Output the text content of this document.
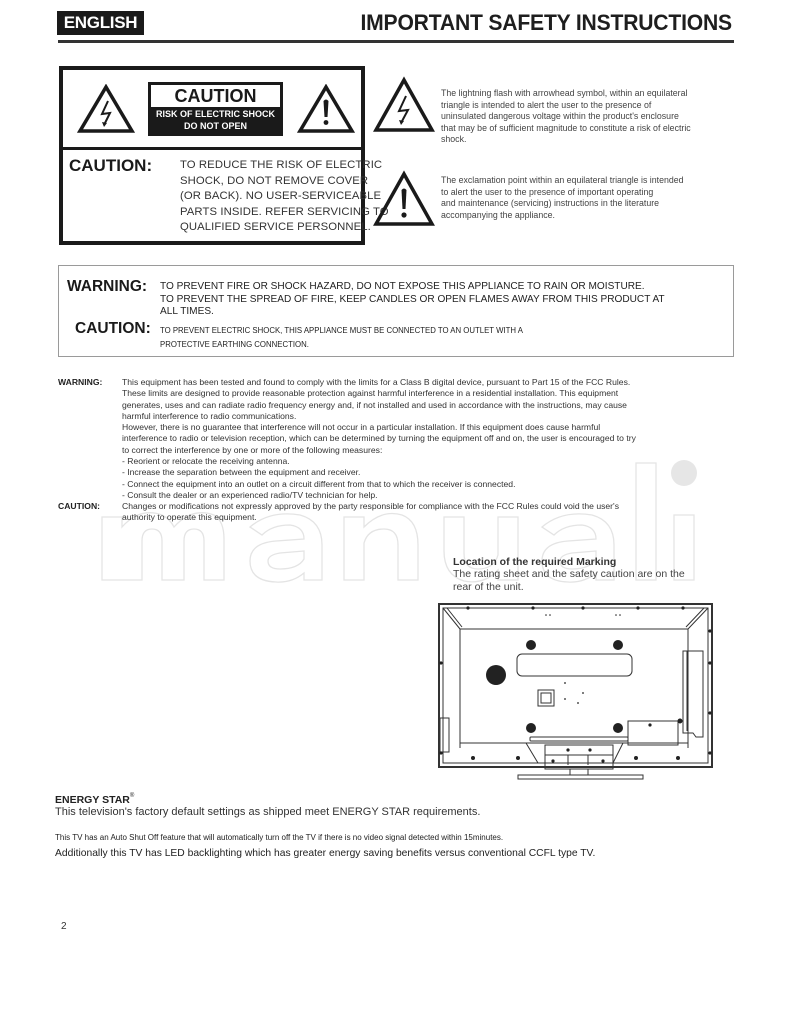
ENGLISH	IMPORTANT SAFETY INSTRUCTIONS
CAUTION
RISK OF ELECTRIC SHOCK
DO NOT OPEN
CAUTION: TO REDUCE THE RISK OF ELECTRIC
SHOCK, DO NOT REMOVE COVER
(OR BACK). NO USER-SERVICEABLE
PARTS INSIDE. REFER SERVICING TO
QUALIFIED SERVICE PERSONNEL.
The lightning flash with arrowhead symbol, within an equilateral
triangle is intended to alert the user to the presence of
uninsulated dangerous voltage within the product's enclosure
that may be of sufficient magnitude to constitute a risk of electric
shock.
The exclamation point within an equilateral triangle is intended
to alert the user to the presence of important operating
and maintenance (servicing) instructions in the literature
accompanying the appliance.
WARNING: TO PREVENT FIRE OR SHOCK HAZARD, DO NOT EXPOSE THIS APPLIANCE TO RAIN OR MOISTURE.
TO PREVENT THE SPREAD OF FIRE, KEEP CANDLES OR OPEN FLAMES AWAY FROM THIS PRODUCT AT
ALL TIMES.
CAUTION: TO PREVENT ELECTRIC SHOCK, THIS APPLIANCE MUST BE CONNECTED TO AN OUTLET WITH A
PROTECTIVE EARTHING CONNECTION.
WARNING: This equipment has been tested and found to comply with the limits for a Class B digital device, pursuant to Part 15 of the FCC Rules.
These limits are designed to provide reasonable protection against harmful interference in a residential installation. This equipment
generates, uses and can radiate radio frequency energy and, if not installed and used in accordance with the instructions, may cause
harmful interference to radio communications.
However, there is no guarantee that interference will not occur in a particular installation. If this equipment does cause harmful
interference to radio or television reception, which can be determined by turning the equipment off and on, the user is encouraged to try
to correct the interference by one or more of the following measures:
- Reorient or relocate the receiving antenna.
- Increase the separation between the equipment and receiver.
- Connect the equipment into an outlet on a circuit different from that to which the receiver is connected.
- Consult the dealer or an experienced radio/TV technician for help.
CAUTION:	Changes or modifications not expressly approved by the party responsible for compliance with the FCC Rules could void the user's
authority to operate this equipment.
Location of the required Marking
The rating sheet and the safety caution are on the
rear of the unit.
ENERGY STAR®
This television's factory default settings as shipped meet ENERGY STAR requirements.
This TV has an Auto Shut Off feature that will automatically turn off the TV if there is no video signal detected within 15minutes.
Additionally this TV has LED backlighting which has greater energy saving benefits versus conventional CCFL type TV.
2
